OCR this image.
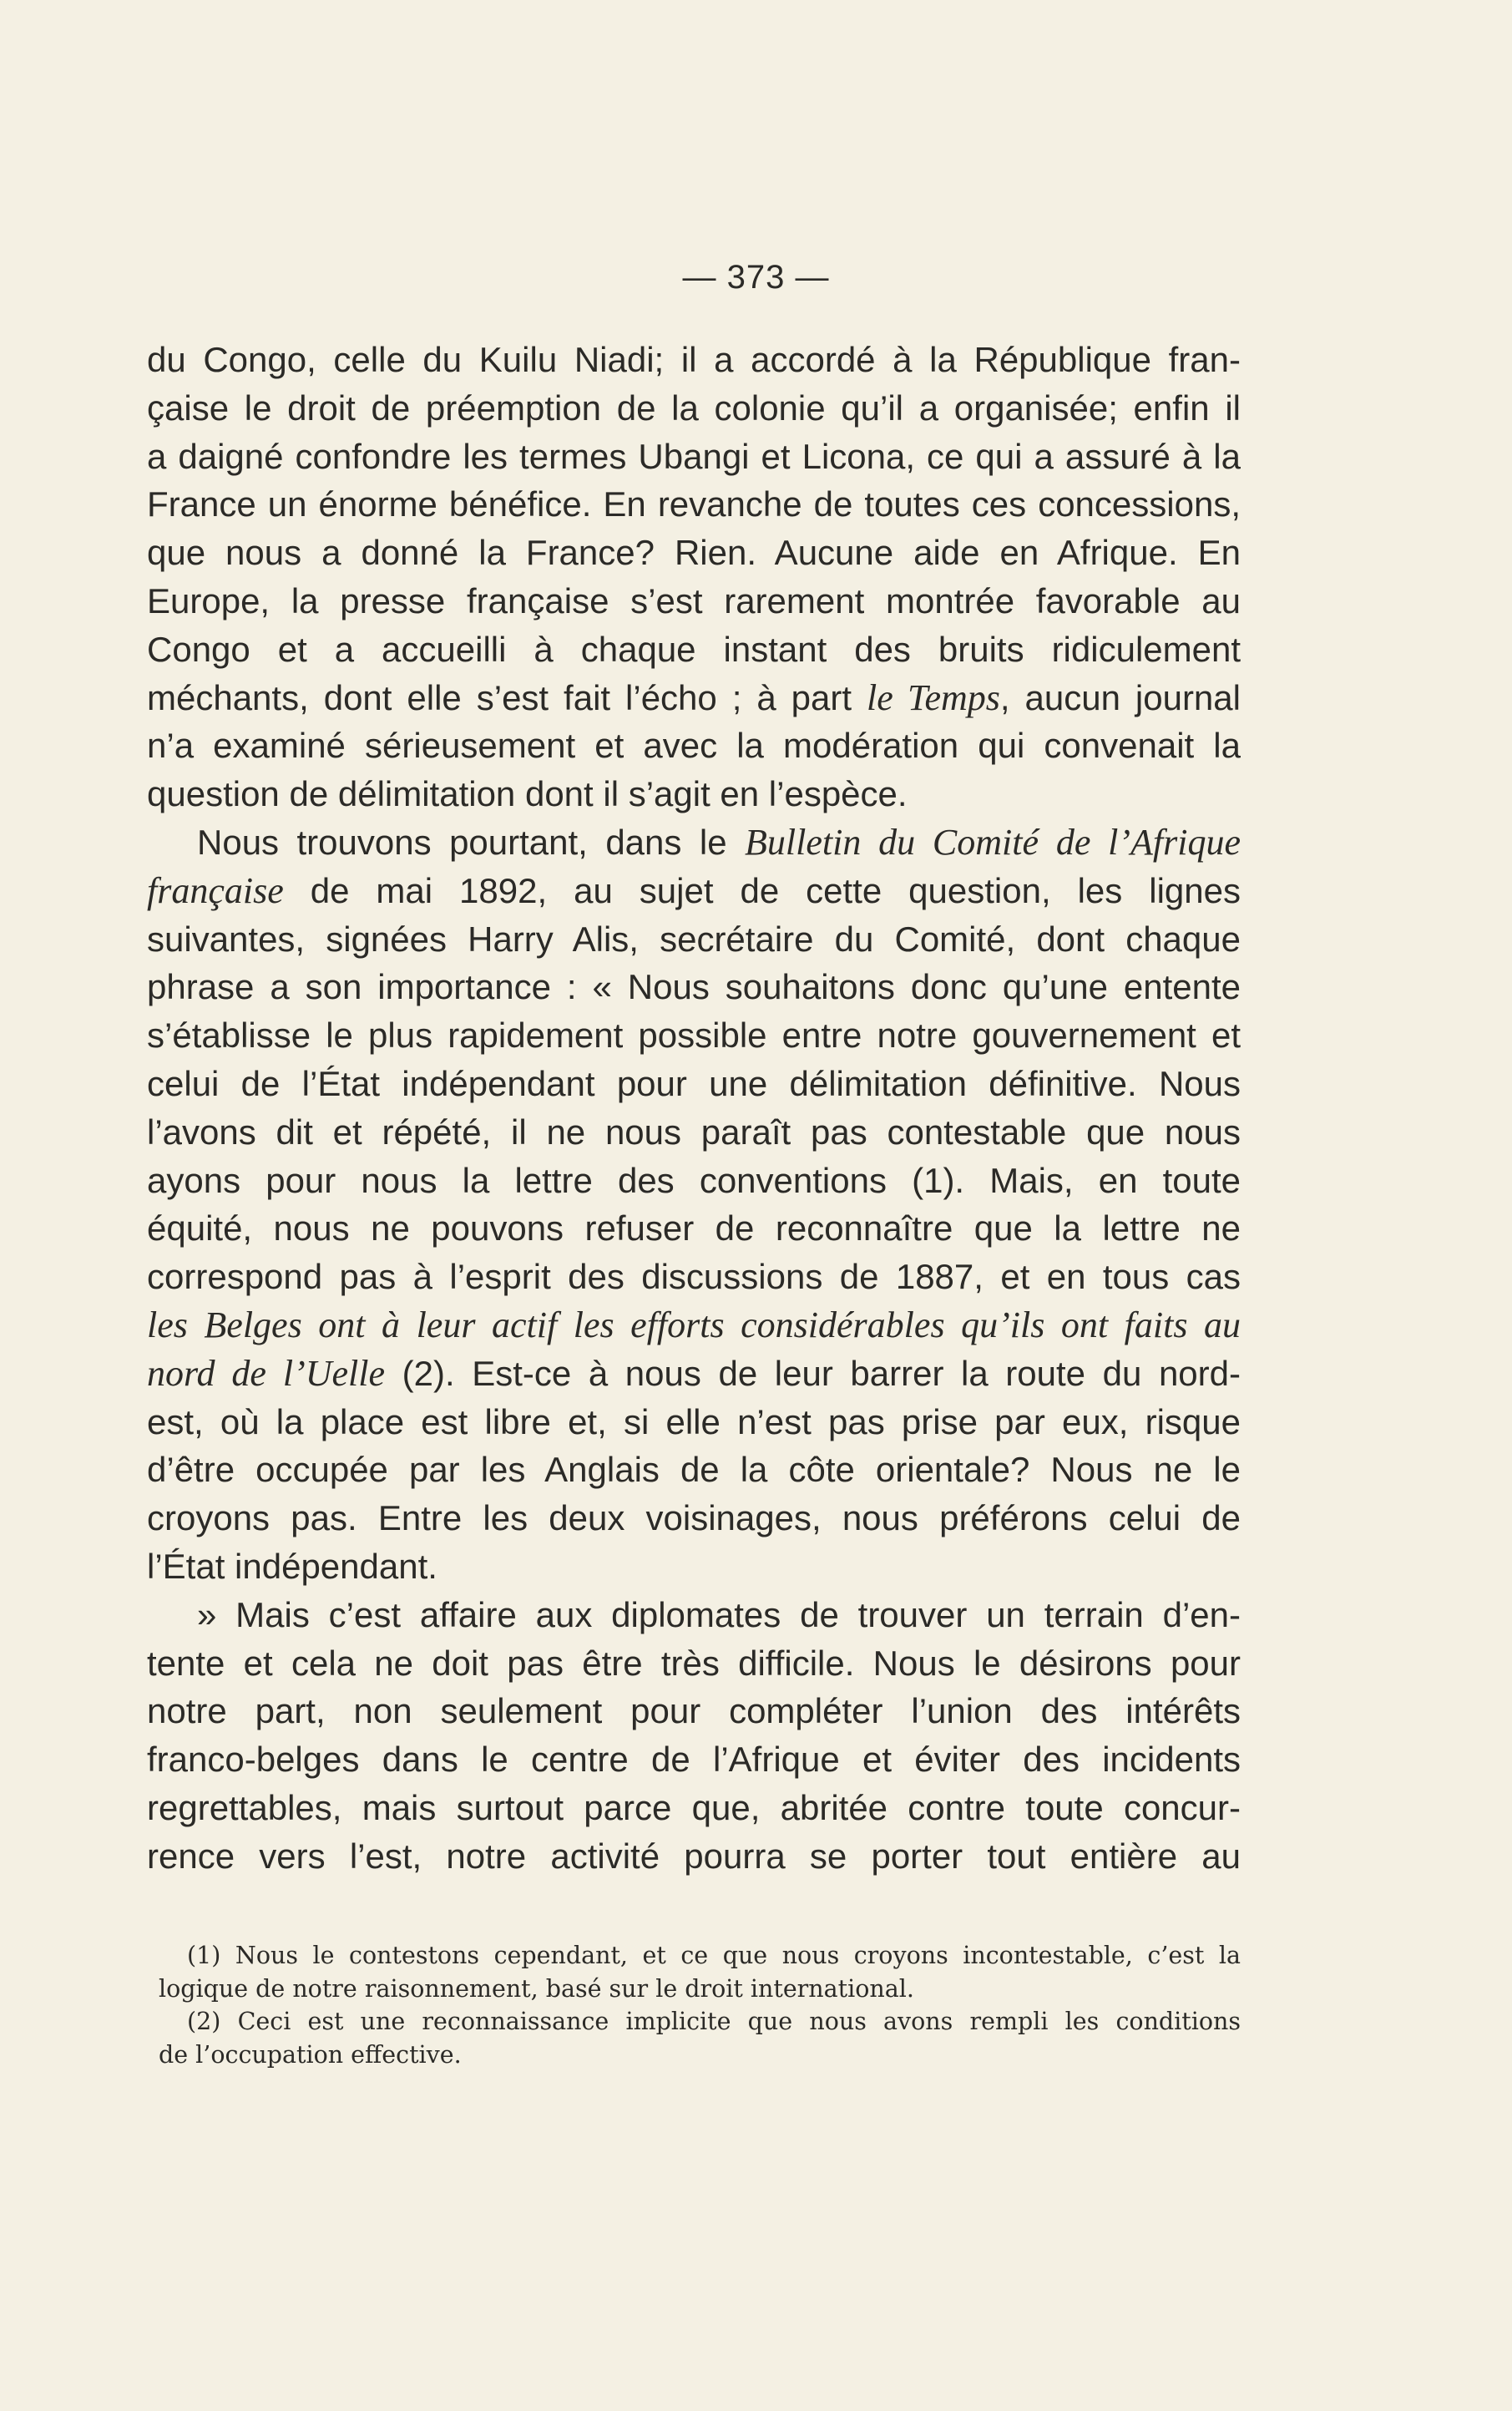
— 373 —
du Congo, celle du Kuilu Niadi; il a accordé à la République fran-
çaise le droit de préemption de la colonie qu’il a organisée; enfin il
a daigné confondre les termes Ubangi et Licona, ce qui a assuré à la
France un énorme bénéfice. En revanche de toutes ces concessions,
que nous a donné la France? Rien. Aucune aide en Afrique. En
Europe, la presse française s’est rarement montrée favorable au
Congo et a accueilli à chaque instant des bruits ridiculement
méchants, dont elle s’est fait l’écho ; à part le Temps, aucun journal
n’a examiné sérieusement et avec la modération qui convenait la
question de délimitation dont il s’agit en l’espèce.
Nous trouvons pourtant, dans le Bulletin du Comité de l’Afrique
française de mai 1892, au sujet de cette question, les lignes
suivantes, signées Harry Alis, secrétaire du Comité, dont chaque
phrase a son importance : « Nous souhaitons donc qu’une entente
s’établisse le plus rapidement possible entre notre gouvernement et
celui de l’État indépendant pour une délimitation définitive. Nous
l’avons dit et répété, il ne nous paraît pas contestable que nous
ayons pour nous la lettre des conventions (1). Mais, en toute
équité, nous ne pouvons refuser de reconnaître que la lettre ne
correspond pas à l’esprit des discussions de 1887, et en tous cas
les Belges ont à leur actif les efforts considérables qu’ils ont faits au
nord de l’Uelle (2). Est-ce à nous de leur barrer la route du nord-
est, où la place est libre et, si elle n’est pas prise par eux, risque
d’être occupée par les Anglais de la côte orientale? Nous ne le
croyons pas. Entre les deux voisinages, nous préférons celui de
l’État indépendant.
» Mais c’est affaire aux diplomates de trouver un terrain d’en-
tente et cela ne doit pas être très difficile. Nous le désirons pour
notre part, non seulement pour compléter l’union des intérêts
franco-belges dans le centre de l’Afrique et éviter des incidents
regrettables, mais surtout parce que, abritée contre toute concur-
rence vers l’est, notre activité pourra se porter tout entière au
(1) Nous le contestons cependant, et ce que nous croyons incontestable, c’est la
logique de notre raisonnement, basé sur le droit international.
(2) Ceci est une reconnaissance implicite que nous avons rempli les conditions
de l’occupation effective.
